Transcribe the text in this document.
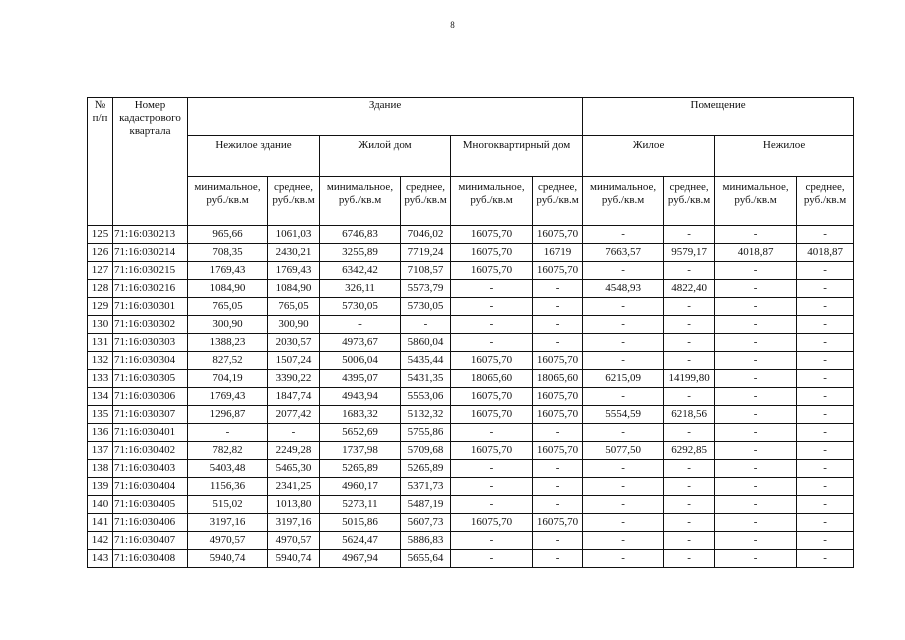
8
№ п/п	Номер кадастрового квартала	Здание						Помещение			
		Нежилое здание		Жилой дом		Многоквартирный дом		Жилое		Нежилое	
		минимальное, руб./кв.м	среднее, руб./кв.м	минимальное, руб./кв.м	среднее, руб./кв.м	минимальное, руб./кв.м	среднее, руб./кв.м	минимальное, руб./кв.м	среднее, руб./кв.м	минимальное, руб./кв.м	среднее, руб./кв.м
125	71:16:030213	965,66	1061,03	6746,83	7046,02	16075,70	16075,70	-	-	-	-
126	71:16:030214	708,35	2430,21	3255,89	7719,24	16075,70	16719	7663,57	9579,17	4018,87	4018,87
127	71:16:030215	1769,43	1769,43	6342,42	7108,57	16075,70	16075,70	-	-	-	-
128	71:16:030216	1084,90	1084,90	326,11	5573,79	-	-	4548,93	4822,40	-	-
129	71:16:030301	765,05	765,05	5730,05	5730,05	-	-	-	-	-	-
130	71:16:030302	300,90	300,90	-	-	-	-	-	-	-	-
131	71:16:030303	1388,23	2030,57	4973,67	5860,04	-	-	-	-	-	-
132	71:16:030304	827,52	1507,24	5006,04	5435,44	16075,70	16075,70	-	-	-	-
133	71:16:030305	704,19	3390,22	4395,07	5431,35	18065,60	18065,60	6215,09	14199,80	-	-
134	71:16:030306	1769,43	1847,74	4943,94	5553,06	16075,70	16075,70	-	-	-	-
135	71:16:030307	1296,87	2077,42	1683,32	5132,32	16075,70	16075,70	5554,59	6218,56	-	-
136	71:16:030401	-	-	5652,69	5755,86	-	-	-	-	-	-
137	71:16:030402	782,82	2249,28	1737,98	5709,68	16075,70	16075,70	5077,50	6292,85	-	-
138	71:16:030403	5403,48	5465,30	5265,89	5265,89	-	-	-	-	-	-
139	71:16:030404	1156,36	2341,25	4960,17	5371,73	-	-	-	-	-	-
140	71:16:030405	515,02	1013,80	5273,11	5487,19	-	-	-	-	-	-
141	71:16:030406	3197,16	3197,16	5015,86	5607,73	16075,70	16075,70	-	-	-	-
142	71:16:030407	4970,57	4970,57	5624,47	5886,83	-	-	-	-	-	-
143	71:16:030408	5940,74	5940,74	4967,94	5655,64	-	-	-	-	-	-
